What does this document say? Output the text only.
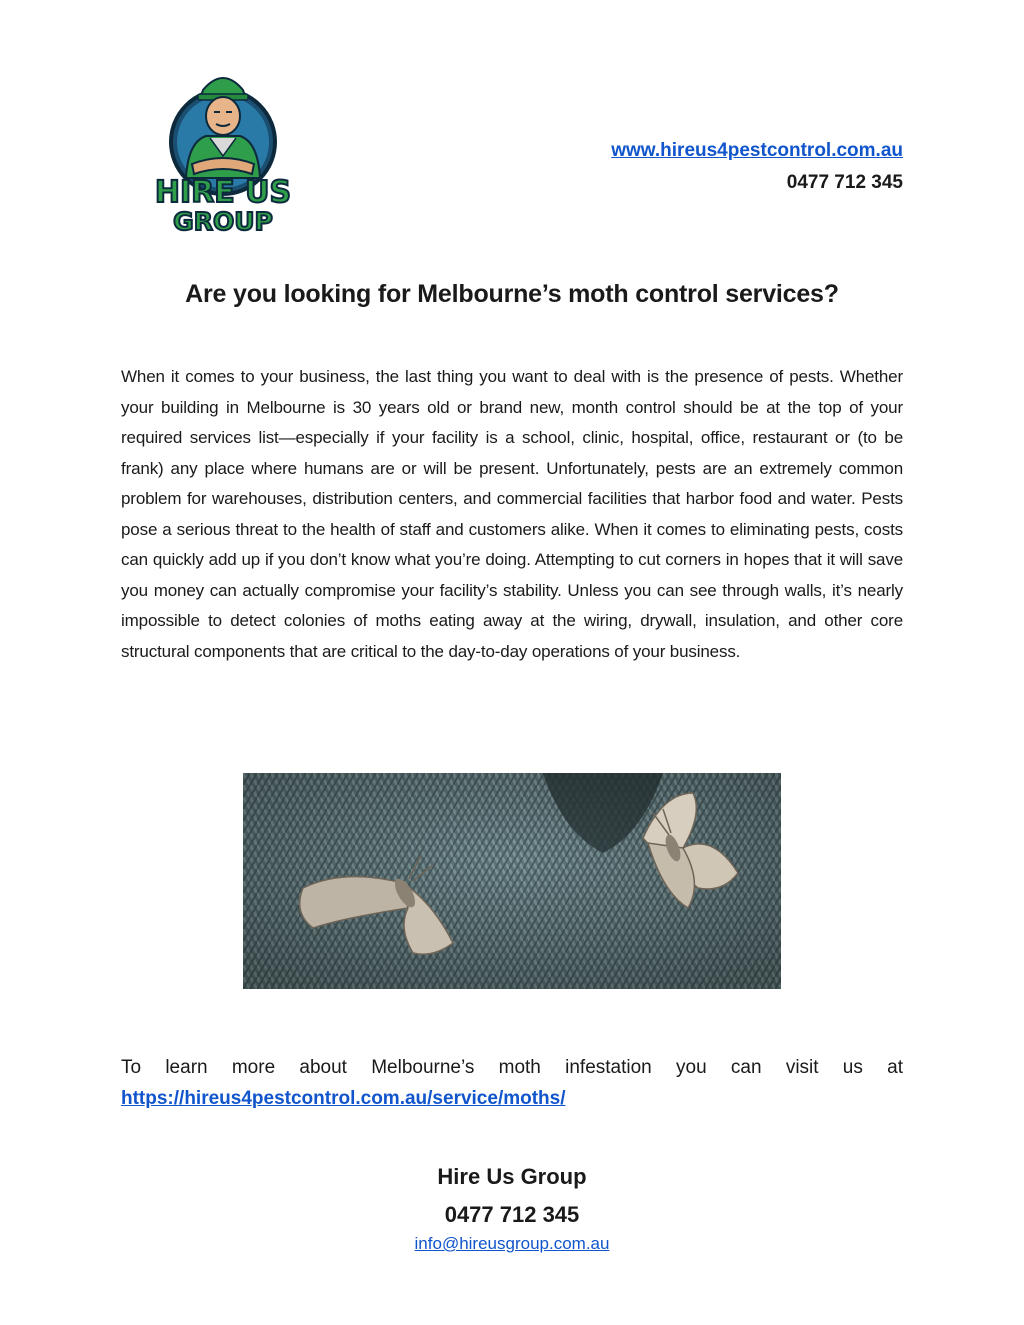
HIRE US
GROUP
www.hireus4pestcontrol.com.au
0477 712 345
Are you looking for Melbourne’s moth control services?
When it comes to your business, the last thing you want to deal with is the presence of pests. Whether your building in Melbourne is 30 years old or brand new, month control should be at the top of your required services list—especially if your facility is a school, clinic, hospital, office, restaurant or (to be frank) any place where humans are or will be present. Unfortunately, pests are an extremely common problem for warehouses, distribution centers, and commercial facilities that harbor food and water. Pests pose a serious threat to the health of staff and customers alike. When it comes to eliminating pests, costs can quickly add up if you don’t know what you’re doing. Attempting to cut corners in hopes that it will save you money can actually compromise your facility’s stability. Unless you can see through walls, it’s nearly impossible to detect colonies of moths eating away at the wiring, drywall, insulation, and other core structural components that are critical to the day-to-day operations of your business.
To learn more about Melbourne’s moth infestation you can visit us at
https://hireus4pestcontrol.com.au/service/moths/
Hire Us Group
0477 712 345
info@hireusgroup.com.au
